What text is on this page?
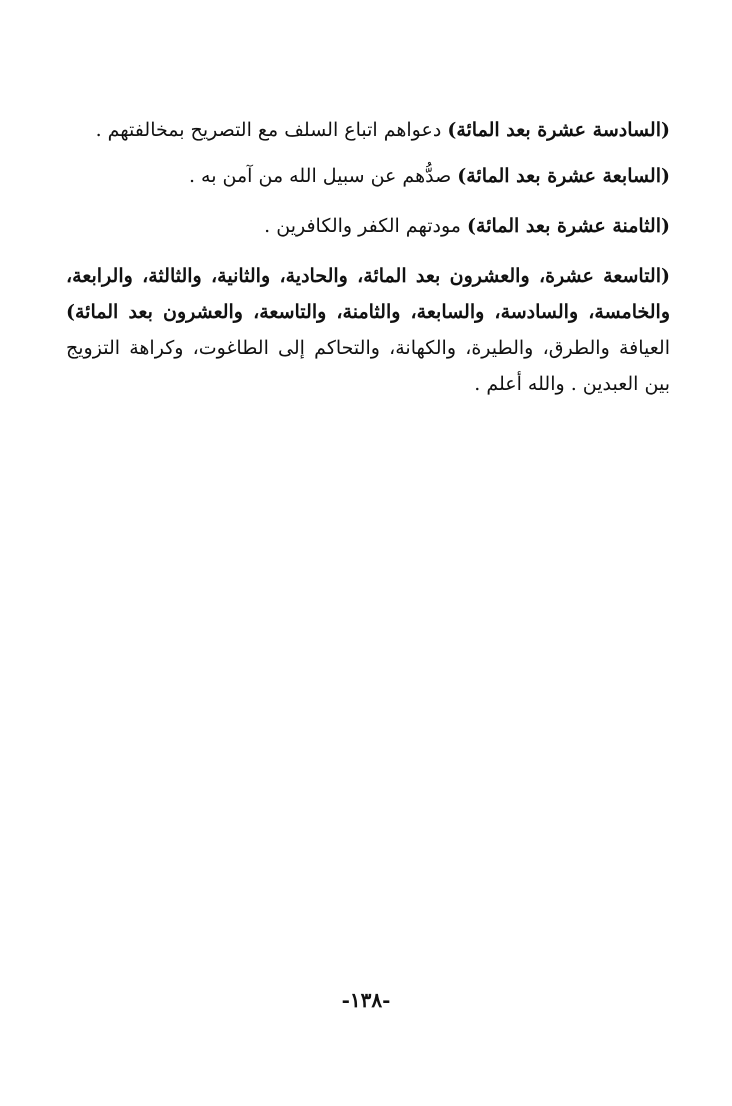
(السادسة عشرة بعد المائة) دعواهم اتباع السلف مع التصريح بمخالفتهم .

(السابعة عشرة بعد المائة) صدُّهم عن سبيل الله من آمن به .

(الثامنة عشرة بعد المائة) مودتهم الكفر والكافرين .

(التاسعة عشرة، والعشرون بعد المائة، والحادية، والثانية، والثالثة، والرابعة، والخامسة، والسادسة، والسابعة، والثامنة، والتاسعة، والعشرون بعد المائة) العيافة والطرق، والطيرة، والكهانة، والتحاكم إلى الطاغوت، وكراهة التزويج بين العبدين . والله أعلم .

-١٣٨-
